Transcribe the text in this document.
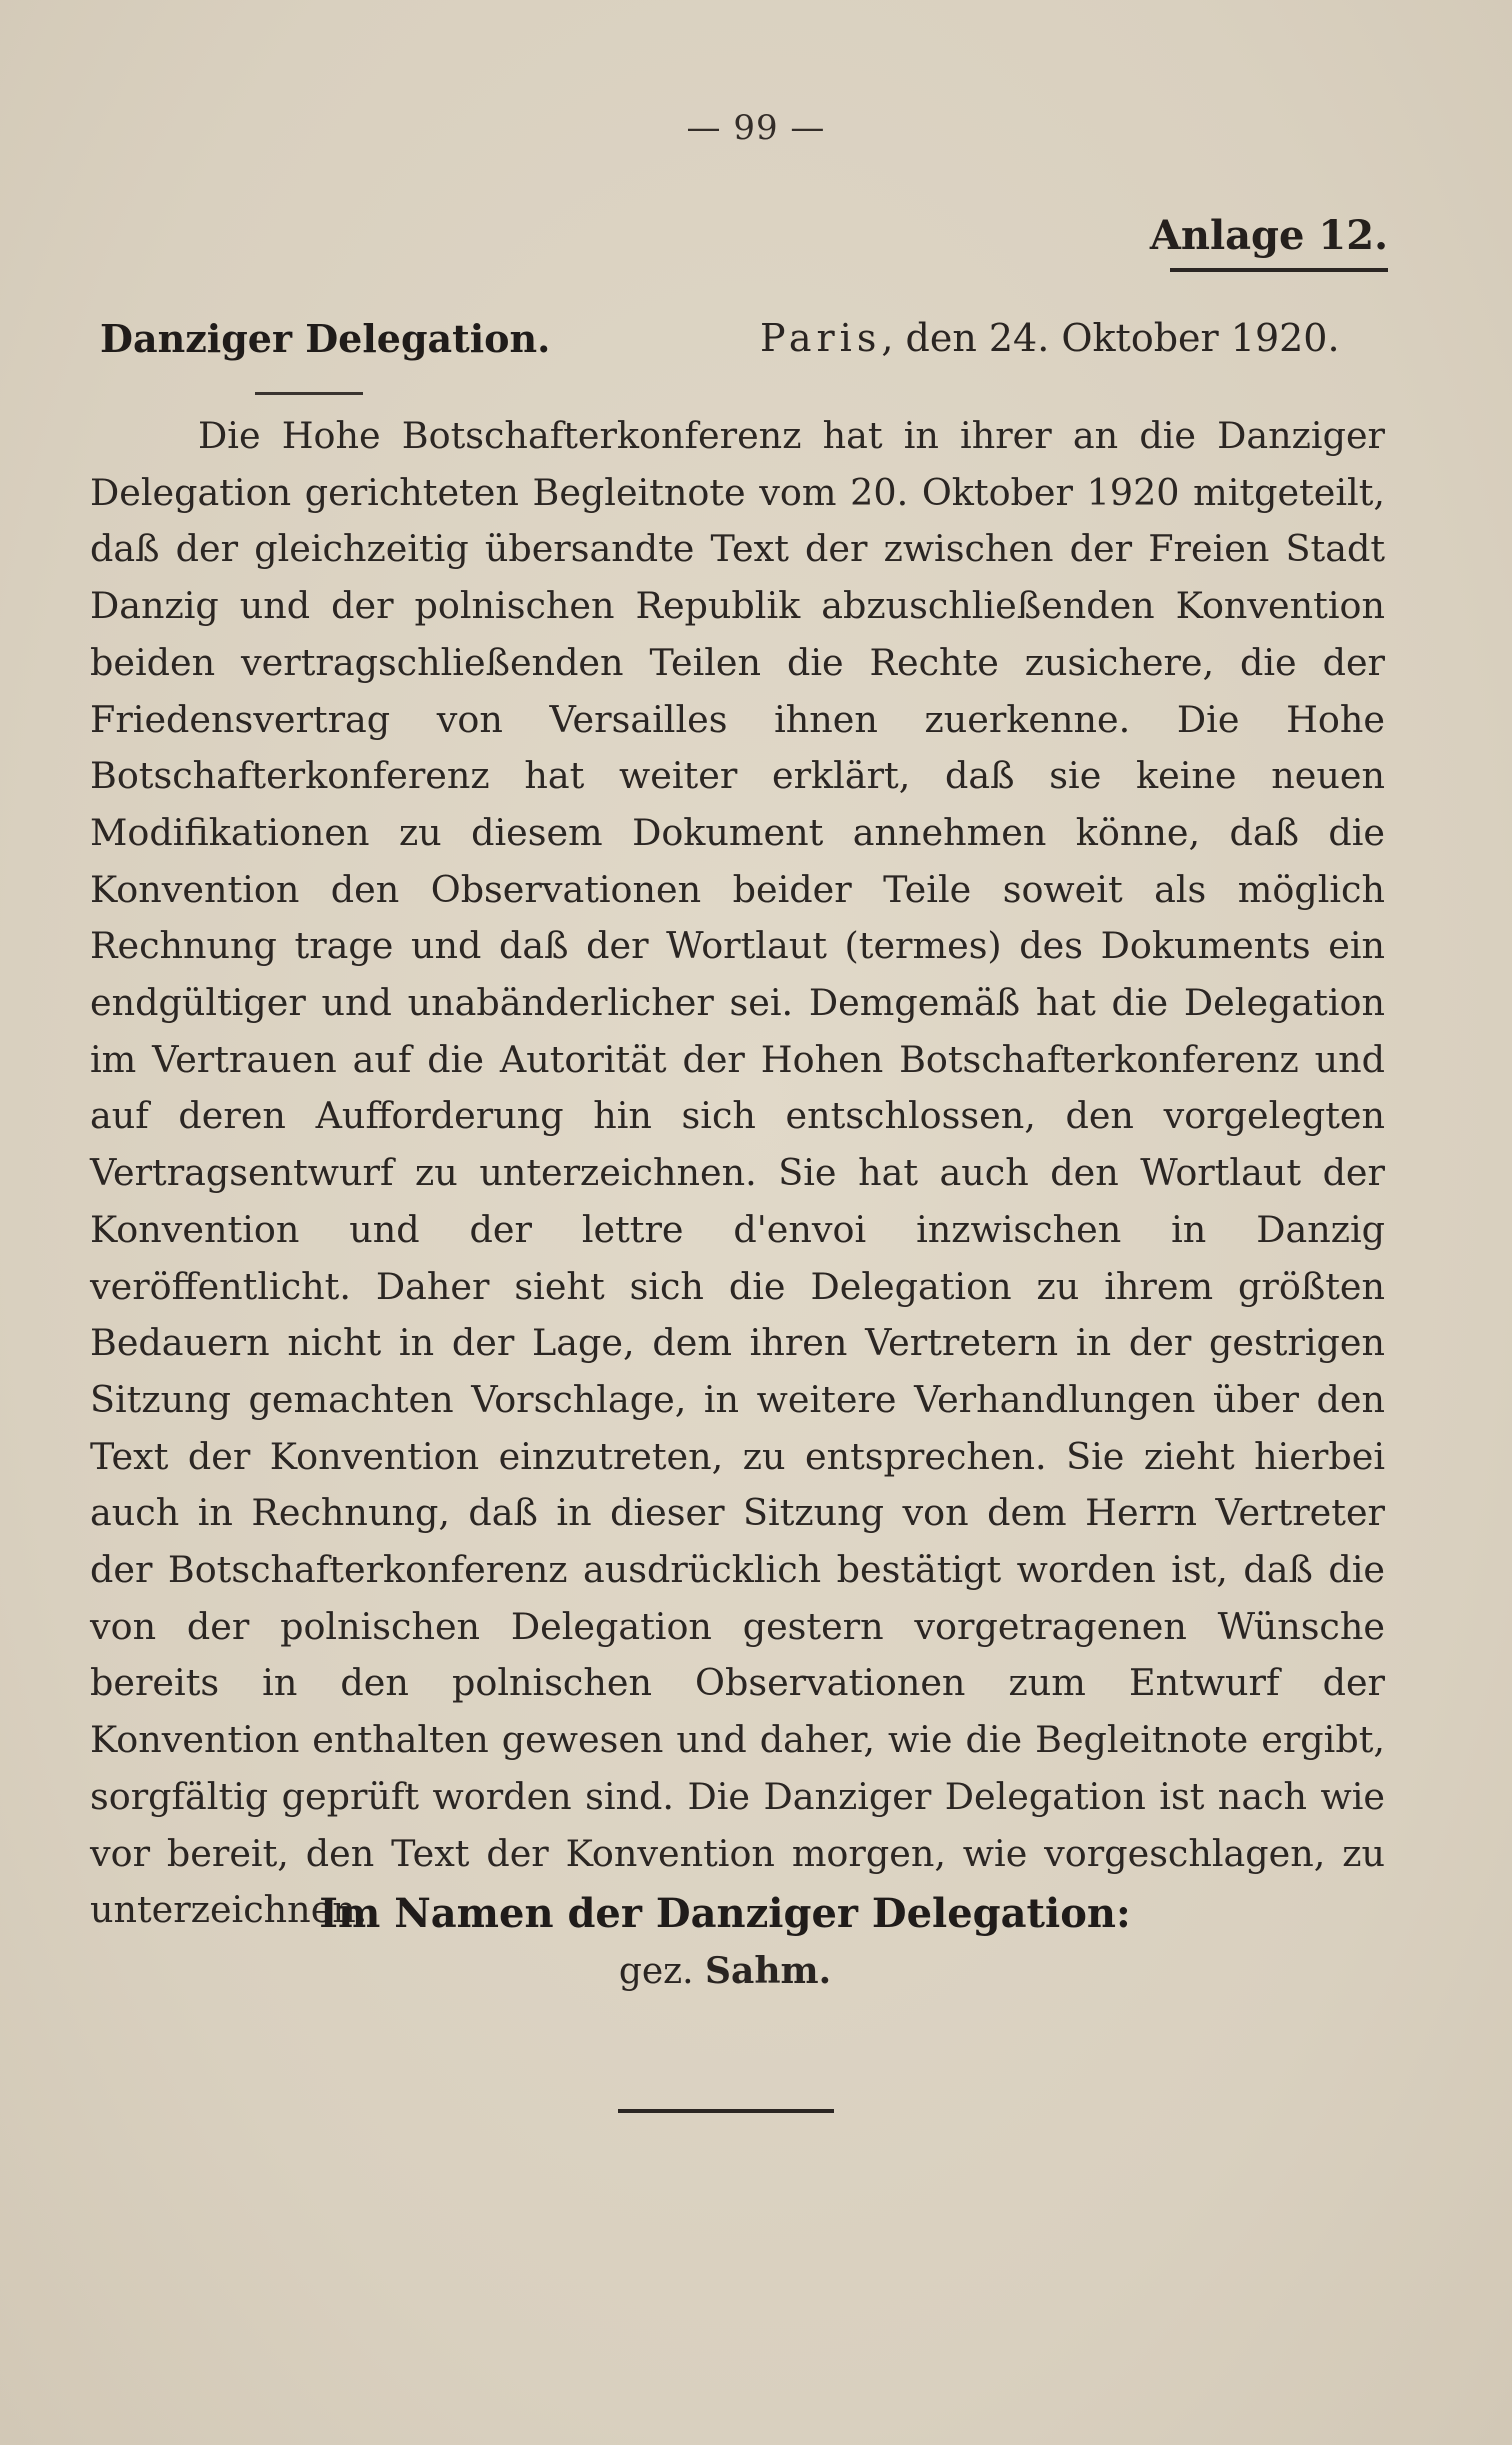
— 99 —
Anlage 12.
Danziger Delegation.	Paris, den 24. Oktober 1920.

Die Hohe Botschafterkonferenz hat in ihrer an die Danziger Delegation gerichteten Begleitnote vom 20. Oktober 1920 mitgeteilt, daß der gleichzeitig übersandte Text der zwischen der Freien Stadt Danzig und der polnischen Republik abzuschließenden Konvention beiden vertragschließenden Teilen die Rechte zusichere, die der Friedensvertrag von Versailles ihnen zuerkenne. Die Hohe Botschafterkonferenz hat weiter erklärt, daß sie keine neuen Modifikationen zu diesem Dokument annehmen könne, daß die Konvention den Observationen beider Teile soweit als möglich Rechnung trage und daß der Wortlaut (termes) des Dokuments ein endgültiger und unabänderlicher sei. Demgemäß hat die Delegation im Vertrauen auf die Autorität der Hohen Botschafterkonferenz und auf deren Aufforderung hin sich entschlossen, den vorgelegten Vertragsentwurf zu unterzeichnen. Sie hat auch den Wortlaut der Konvention und der lettre d'envoi inzwischen in Danzig veröffentlicht. Daher sieht sich die Delegation zu ihrem größten Bedauern nicht in der Lage, dem ihren Vertretern in der gestrigen Sitzung gemachten Vorschlage, in weitere Verhandlungen über den Text der Konvention einzutreten, zu entsprechen. Sie zieht hierbei auch in Rechnung, daß in dieser Sitzung von dem Herrn Vertreter der Botschafterkonferenz ausdrücklich bestätigt worden ist, daß die von der polnischen Delegation gestern vorgetragenen Wünsche bereits in den polnischen Observationen zum Entwurf der Konvention enthalten gewesen und daher, wie die Begleitnote ergibt, sorgfältig geprüft worden sind. Die Danziger Delegation ist nach wie vor bereit, den Text der Konvention morgen, wie vorgeschlagen, zu unterzeichnen.

Im Namen der Danziger Delegation:
gez. Sahm.
